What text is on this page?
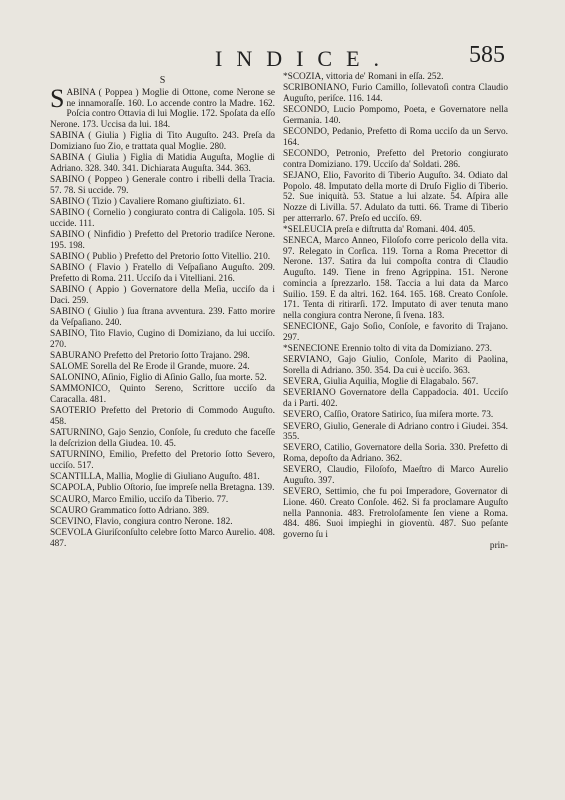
INDICE.	585
S
SABINA ( Poppea ) Moglie di Ottone, come Nerone se ne innamoraſſe. 160. Lo accende contro la Madre. 162. Poſcia contro Ottavia di lui Moglie. 172. Spoſata da eſſo Nerone. 173. Uccisa da lui. 184.
SABINA ( Giulia ) Figlia di Tito Auguſto. 243. Preſa da Domiziano ſuo Zio, e trattata qual Moglie. 280.
SABINA ( Giulia ) Figlia di Matidia Auguſta, Moglie di Adriano. 328. 340. 341. Dichiarata Auguſta. 344. 363.
SABINO ( Poppeo ) Generale contro i ribelli della Tracia. 57. 78. Si uccide. 79.
SABINO ( Tizio ) Cavaliere Romano giuſtiziato. 61.
SABINO ( Cornelio ) congiurato contra di Caligola. 105. Si uccide. 111.
SABINO ( Ninfidio ) Prefetto del Pretorio tradiſce Nerone. 195. 198.
SABINO ( Publio ) Prefetto del Pretorio ſotto Vitellio. 210.
SABINO ( Flavio ) Fratello di Veſpaſiano Auguſto. 209. Prefetto di Roma. 211. Ucciſo da i Vitelliani. 216.
SABINO ( Appio ) Governatore della Meſia, ucciſo da i Daci. 259.
SABINO ( Giulio ) ſua ſtrana avventura. 239. Fatto morire da Veſpaſiano. 240.
SABINO, Tito Flavio, Cugino di Domiziano, da lui ucciſo. 270.
SABURANO Prefetto del Pretorio ſotto Trajano. 298.
SALOME Sorella del Re Erode il Grande, muore. 24.
SALONINO, Aſinio, Figlio di Aſinio Gallo, ſua morte. 52.
SAMMONICO, Quinto Sereno, Scrittore ucciſo da Caracalla. 481.
SAOTERIO Prefetto del Pretorio di Commodo Auguſto. 458.
SATURNINO, Gajo Senzio, Conſole, ſu creduto che faceſſe la deſcrizion della Giudea. 10. 45.
SATURNINO, Emilio, Prefetto del Pretorio ſotto Severo, ucciſo. 517.
SCANTILLA, Mallia, Moglie di Giuliano Auguſto. 481.
SCAPOLA, Publio Oſtorio, ſue impreſe nella Bretagna. 139.
SCAURO, Marco Emilio, ucciſo da Tiberio. 77.
SCAURO Grammatico ſotto Adriano. 389.
SCEVINO, Flavio, congiura contro Nerone. 182.
SCEVOLA Giuriſconſulto celebre ſotto Marco Aurelio. 408. 487.
*SCOZIA, vittoria de' Romani in eſſa. 252.
SCRIBONIANO, Furio Camillo, ſollevatoſi contra Claudio Auguſto, periſce. 116. 144.
SECONDO, Lucio Pompomo, Poeta, e Governatore nella Germania. 140.
SECONDO, Pedanio, Prefetto di Roma ucciſo da un Servo. 164.
SECONDO, Petronio, Prefetto del Pretorio congiurato contra Domiziano. 179. Ucciſo da' Soldati. 286.
SEJANO, Elio, Favorito di Tiberio Auguſto. 34. Odiato dal Popolo. 48. Imputato della morte di Druſo Figlio di Tiberio. 52. Sue iniquità. 53. Statue a lui alzate. 54. Aſpira alle Nozze di Livilla. 57. Adulato da tutti. 66. Trame di Tiberio per atterrarlo. 67. Preſo ed ucciſo. 69.
*SELEUCIA preſa e diſtrutta da' Romani. 404. 405.
SENECA, Marco Anneo, Filoſofo corre pericolo della vita. 97. Relegato in Corſica. 119. Torna a Roma Precettor di Nerone. 137. Satira da lui compoſta contra di Claudio Auguſto. 149. Tiene in freno Agrippina. 151. Nerone comincia a ſprezzarlo. 158. Taccia a lui data da Marco Suilio. 159. E da altri. 162. 164. 165. 168. Creato Conſole. 171. Tenta di ritirarſi. 172. Imputato di aver tenuta mano nella congiura contra Nerone, ſi ſvena. 183.
SENECIONE, Gajo Soſio, Conſole, e favorito di Trajano. 297.
*SENECIONE Erennio tolto di vita da Domiziano. 273.
SERVIANO, Gajo Giulio, Conſole, Marito di Paolina, Sorella di Adriano. 350. 354. Da cui è ucciſo. 363.
SEVERA, Giulia Aquilia, Moglie di Elagabalo. 567.
SEVERIANO Governatore della Cappadocia. 401. Ucciſo da i Parti. 402.
SEVERO, Caſſio, Oratore Satirico, ſua miſera morte. 73.
SEVERO, Giulio, Generale di Adriano contro i Giudei. 354. 355.
SEVERO, Catilio, Governatore della Soria. 330. Prefetto di Roma, depoſto da Adriano. 362.
SEVERO, Claudio, Filoſofo, Maeſtro di Marco Aurelio Auguſto. 397.
SEVERO, Settimio, che fu poi Imperadore, Governator di Lione. 460. Creato Conſole. 462. Si fa proclamare Auguſto nella Pannonia. 483. Fretroloſamente ſen viene a Roma. 484. 486. Suoi impieghi in gioventù. 487. Suo peſante governo ſu i
prin-
